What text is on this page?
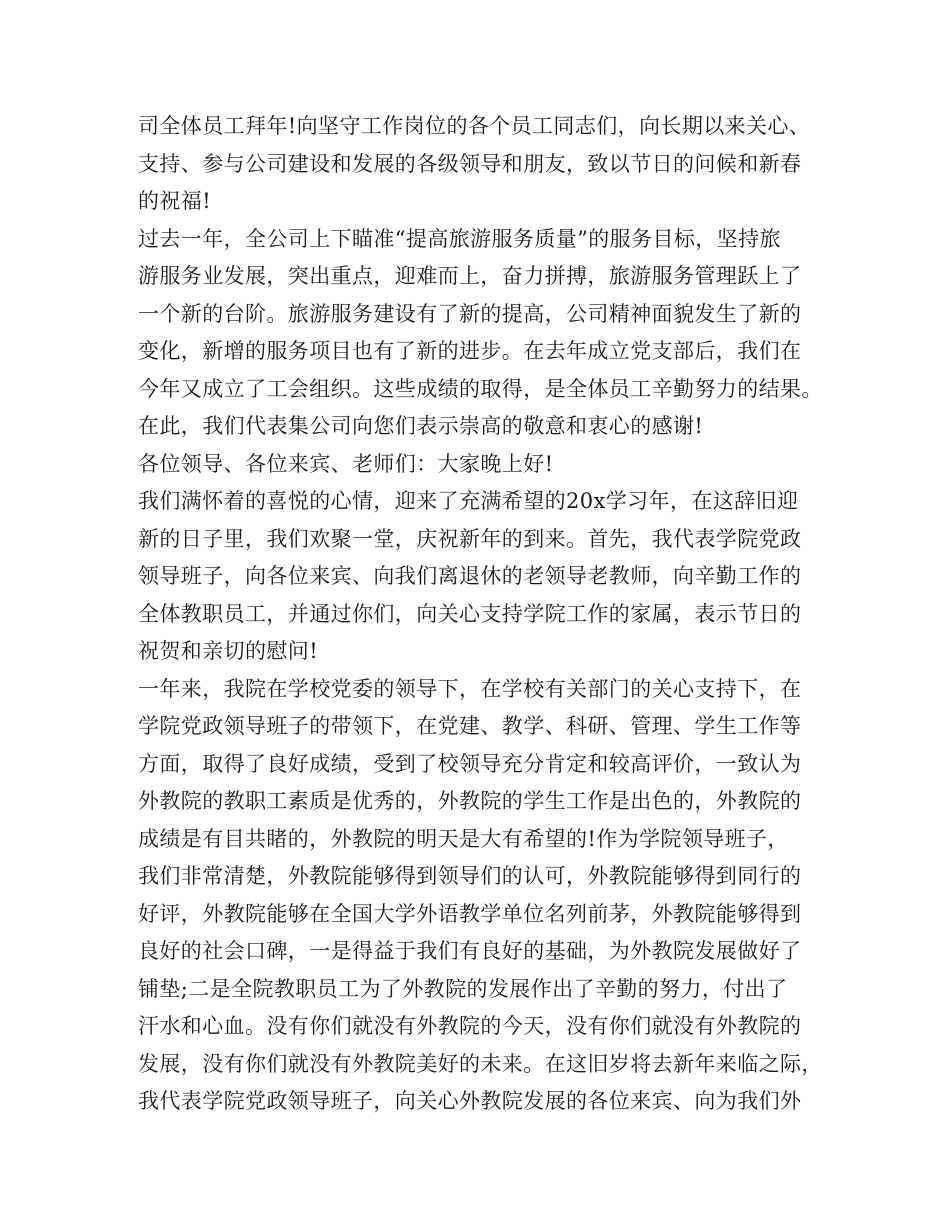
司全体员工拜年!向坚守工作岗位的各个员工同志们，向长期以来关心、
支持、参与公司建设和发展的各级领导和朋友，致以节日的问候和新春
的祝福!
过去一年，全公司上下瞄准“提高旅游服务质量”的服务目标，坚持旅
游服务业发展，突出重点，迎难而上，奋力拼搏，旅游服务管理跃上了
一个新的台阶。旅游服务建设有了新的提高，公司精神面貌发生了新的
变化，新增的服务项目也有了新的进步。在去年成立党支部后，我们在
今年又成立了工会组织。这些成绩的取得，是全体员工辛勤努力的结果。
在此，我们代表集公司向您们表示崇高的敬意和衷心的感谢!
各位领导、各位来宾、老师们：大家晚上好!
我们满怀着的喜悦的心情，迎来了充满希望的20x学习年，在这辞旧迎
新的日子里，我们欢聚一堂，庆祝新年的到来。首先，我代表学院党政
领导班子，向各位来宾、向我们离退休的老领导老教师，向辛勤工作的
全体教职员工，并通过你们，向关心支持学院工作的家属，表示节日的
祝贺和亲切的慰问!
一年来，我院在学校党委的领导下，在学校有关部门的关心支持下，在
学院党政领导班子的带领下，在党建、教学、科研、管理、学生工作等
方面，取得了良好成绩，受到了校领导充分肯定和较高评价，一致认为
外教院的教职工素质是优秀的，外教院的学生工作是出色的，外教院的
成绩是有目共睹的，外教院的明天是大有希望的!作为学院领导班子，
我们非常清楚，外教院能够得到领导们的认可，外教院能够得到同行的
好评，外教院能够在全国大学外语教学单位名列前茅，外教院能够得到
良好的社会口碑，一是得益于我们有良好的基础，为外教院发展做好了
铺垫;二是全院教职员工为了外教院的发展作出了辛勤的努力，付出了
汗水和心血。没有你们就没有外教院的今天，没有你们就没有外教院的
发展，没有你们就没有外教院美好的未来。在这旧岁将去新年来临之际，
我代表学院党政领导班子，向关心外教院发展的各位来宾、向为我们外
